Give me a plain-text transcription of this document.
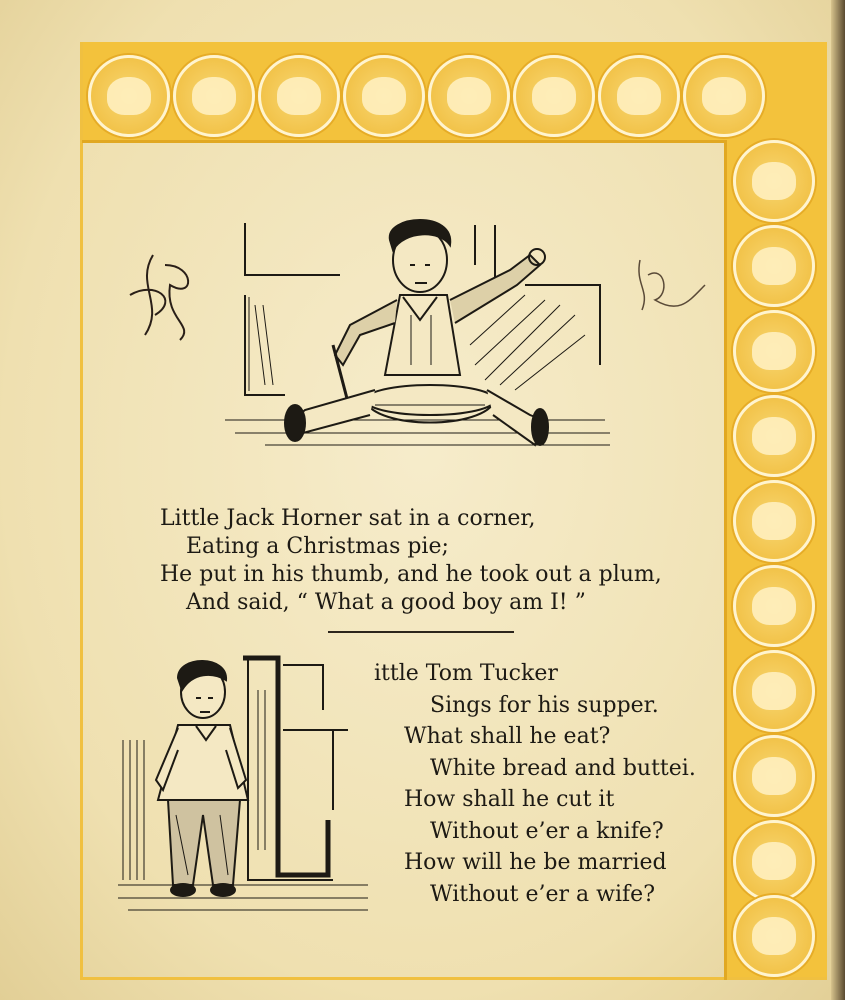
Little Jack Horner sat in a corner,
Eating a Christmas pie;
He put in his thumb, and he took out a plum,
And said, “ What a good boy am I! ”
ittle Tom Tucker
Sings for his supper.
What shall he eat?
White bread and buttei.
How shall he cut it
Without e’er a knife?
How will he be married
Without e’er a wife?
